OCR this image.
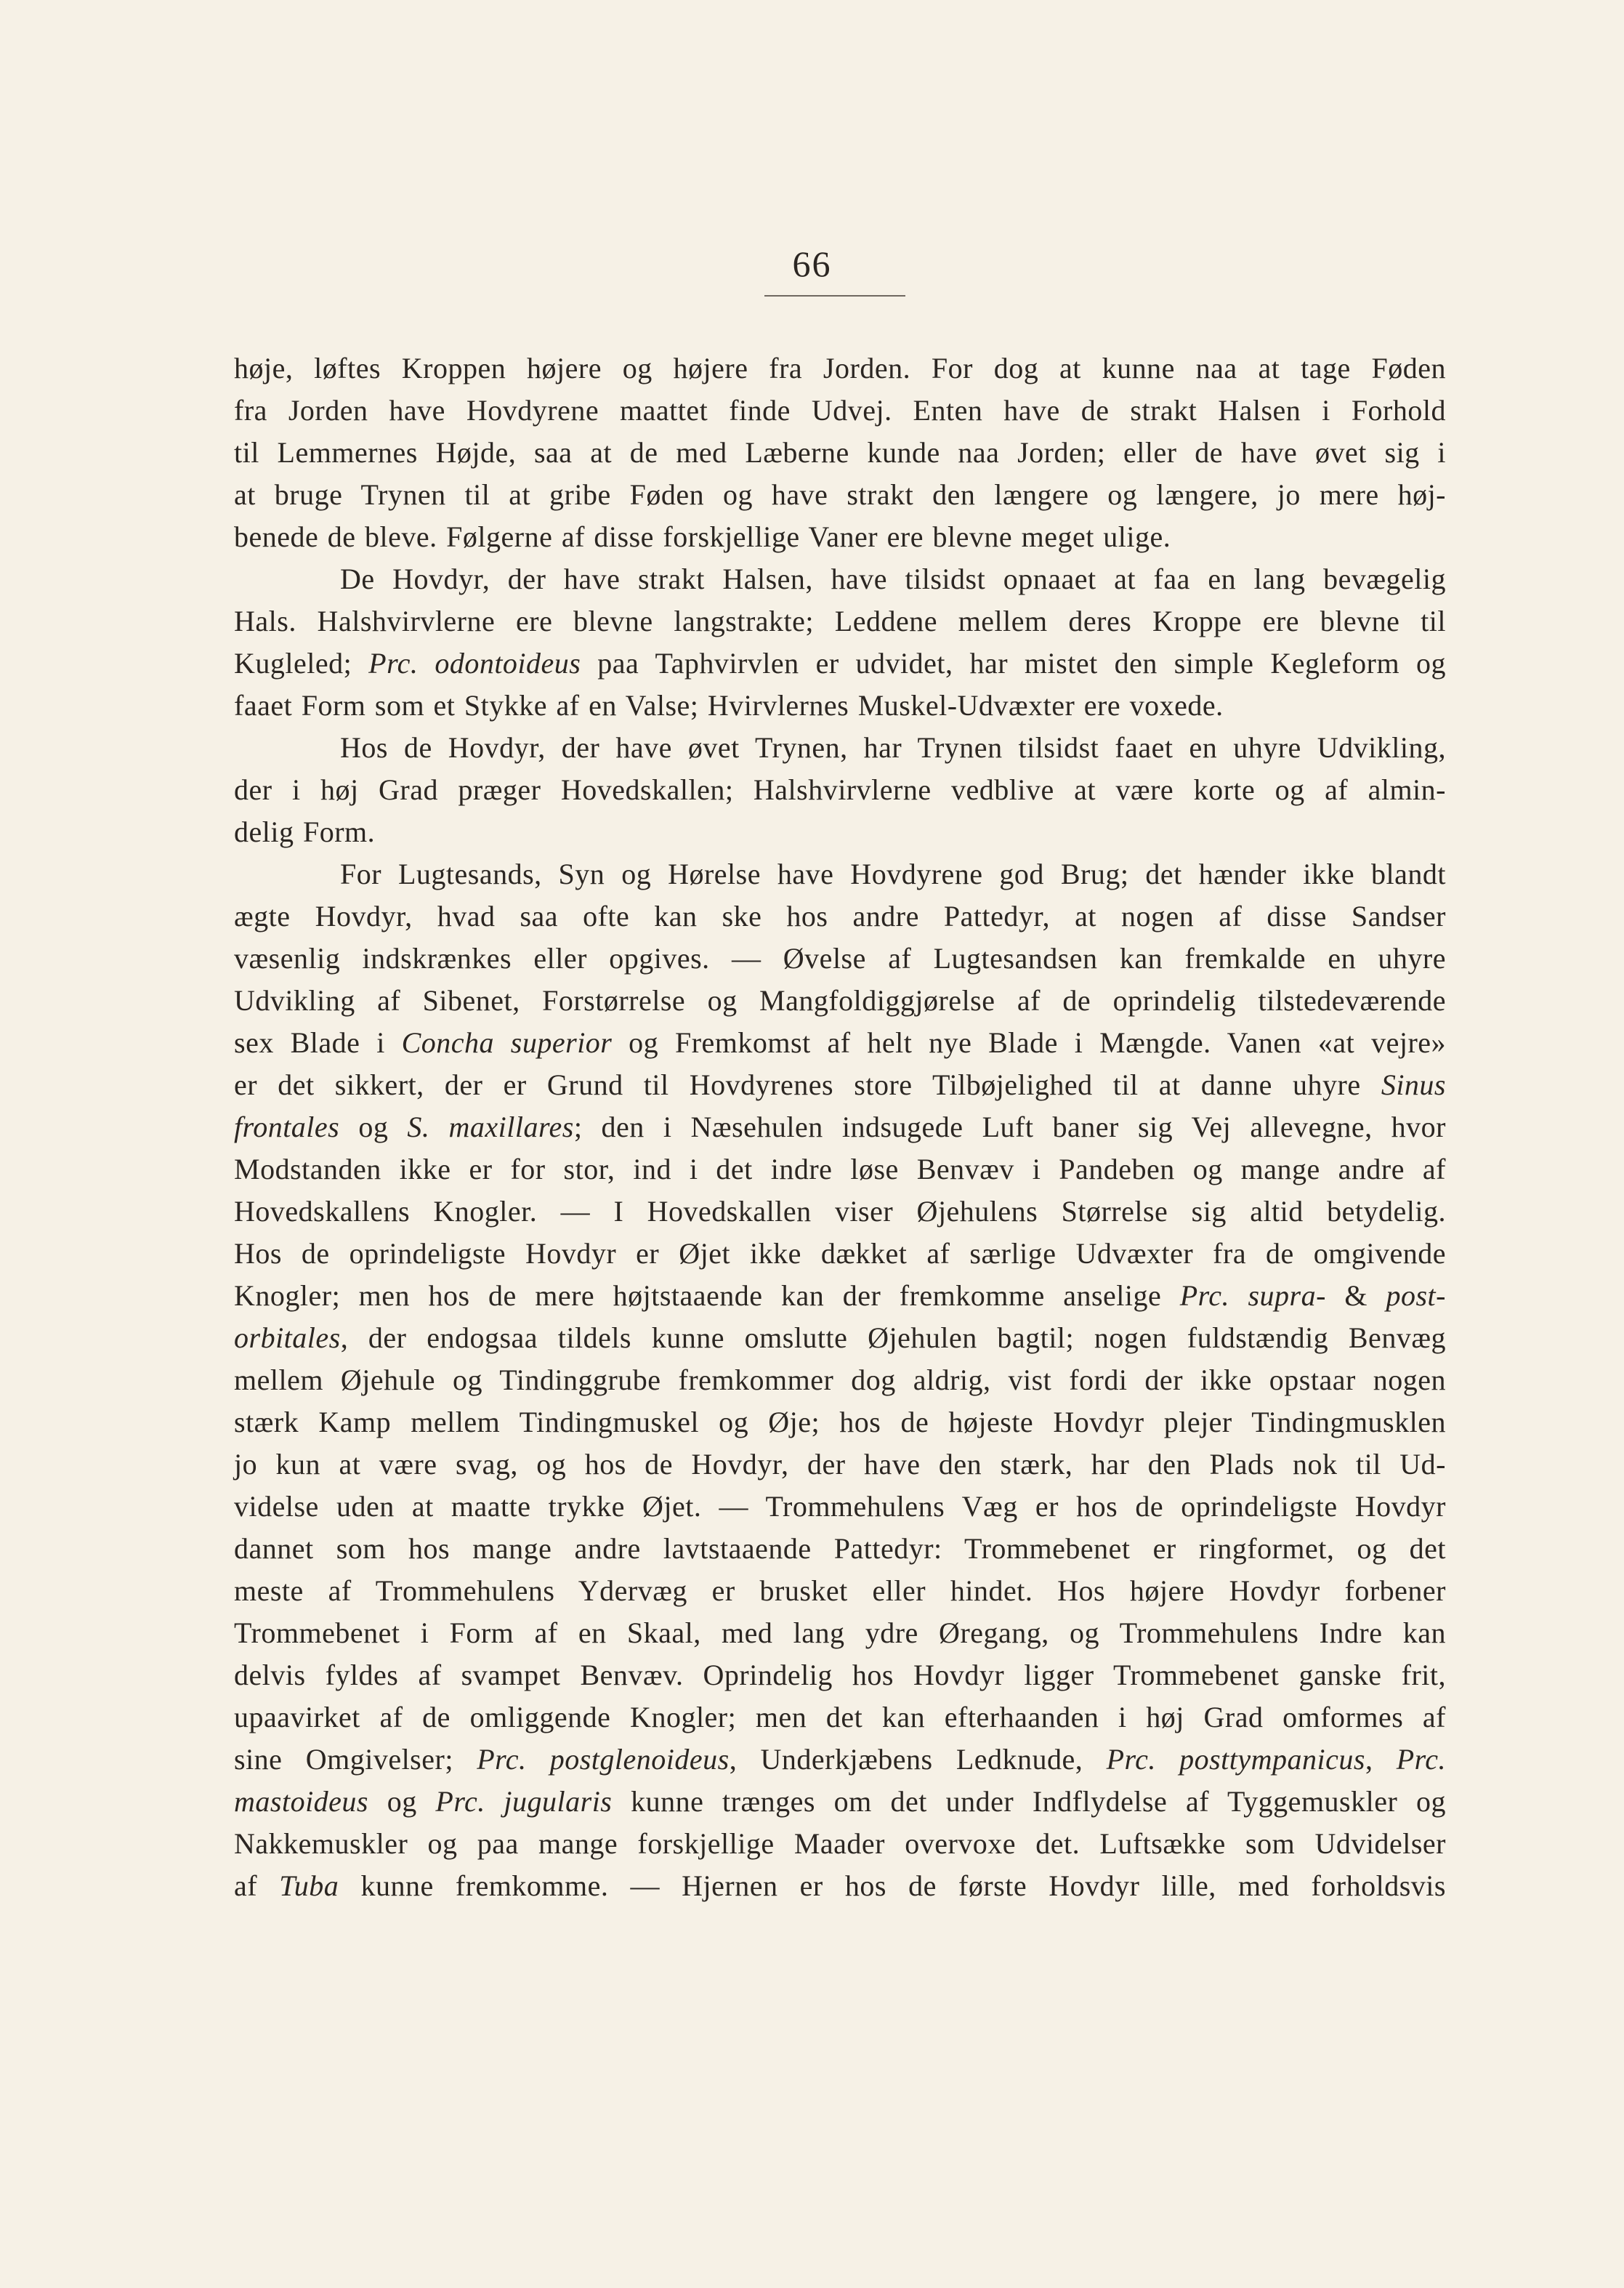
66
høje, løftes Kroppen højere og højere fra Jorden. For dog at kunne naa at tage Føden
fra Jorden have Hovdyrene maattet finde Udvej. Enten have de strakt Halsen i Forhold
til Lemmernes Højde, saa at de med Læberne kunde naa Jorden; eller de have øvet sig i
at bruge Trynen til at gribe Føden og have strakt den længere og længere, jo mere høj-
benede de bleve. Følgerne af disse forskjellige Vaner ere blevne meget ulige.
De Hovdyr, der have strakt Halsen, have tilsidst opnaaet at faa en lang bevægelig
Hals. Halshvirvlerne ere blevne langstrakte; Leddene mellem deres Kroppe ere blevne til
Kugleled; Prc. odontoideus paa Taphvirvlen er udvidet, har mistet den simple Kegleform og
faaet Form som et Stykke af en Valse; Hvirvlernes Muskel-Udvæxter ere voxede.
Hos de Hovdyr, der have øvet Trynen, har Trynen tilsidst faaet en uhyre Udvikling,
der i høj Grad præger Hovedskallen; Halshvirvlerne vedblive at være korte og af almin-
delig Form.
For Lugtesands, Syn og Hørelse have Hovdyrene god Brug; det hænder ikke blandt
ægte Hovdyr, hvad saa ofte kan ske hos andre Pattedyr, at nogen af disse Sandser
væsenlig indskrænkes eller opgives. — Øvelse af Lugtesandsen kan fremkalde en uhyre
Udvikling af Sibenet, Forstørrelse og Mangfoldiggjørelse af de oprindelig tilstedeværende
sex Blade i Concha superior og Fremkomst af helt nye Blade i Mængde. Vanen «at vejre»
er det sikkert, der er Grund til Hovdyrenes store Tilbøjelighed til at danne uhyre Sinus
frontales og S. maxillares; den i Næsehulen indsugede Luft baner sig Vej allevegne, hvor
Modstanden ikke er for stor, ind i det indre løse Benvæv i Pandeben og mange andre af
Hovedskallens Knogler. — I Hovedskallen viser Øjehulens Størrelse sig altid betydelig.
Hos de oprindeligste Hovdyr er Øjet ikke dækket af særlige Udvæxter fra de omgivende
Knogler; men hos de mere højtstaaende kan der fremkomme anselige Prc. supra- & post-
orbitales, der endogsaa tildels kunne omslutte Øjehulen bagtil; nogen fuldstændig Benvæg
mellem Øjehule og Tindinggrube fremkommer dog aldrig, vist fordi der ikke opstaar nogen
stærk Kamp mellem Tindingmuskel og Øje; hos de højeste Hovdyr plejer Tindingmusklen
jo kun at være svag, og hos de Hovdyr, der have den stærk, har den Plads nok til Ud-
videlse uden at maatte trykke Øjet. — Trommehulens Væg er hos de oprindeligste Hovdyr
dannet som hos mange andre lavtstaaende Pattedyr: Trommebenet er ringformet, og det
meste af Trommehulens Ydervæg er brusket eller hindet. Hos højere Hovdyr forbener
Trommebenet i Form af en Skaal, med lang ydre Øregang, og Trommehulens Indre kan
delvis fyldes af svampet Benvæv. Oprindelig hos Hovdyr ligger Trommebenet ganske frit,
upaavirket af de omliggende Knogler; men det kan efterhaanden i høj Grad omformes af
sine Omgivelser; Prc. postglenoideus, Underkjæbens Ledknude, Prc. posttympanicus, Prc.
mastoideus og Prc. jugularis kunne trænges om det under Indflydelse af Tyggemuskler og
Nakkemuskler og paa mange forskjellige Maader overvoxe det. Luftsække som Udvidelser
af Tuba kunne fremkomme. — Hjernen er hos de første Hovdyr lille, med forholdsvis
